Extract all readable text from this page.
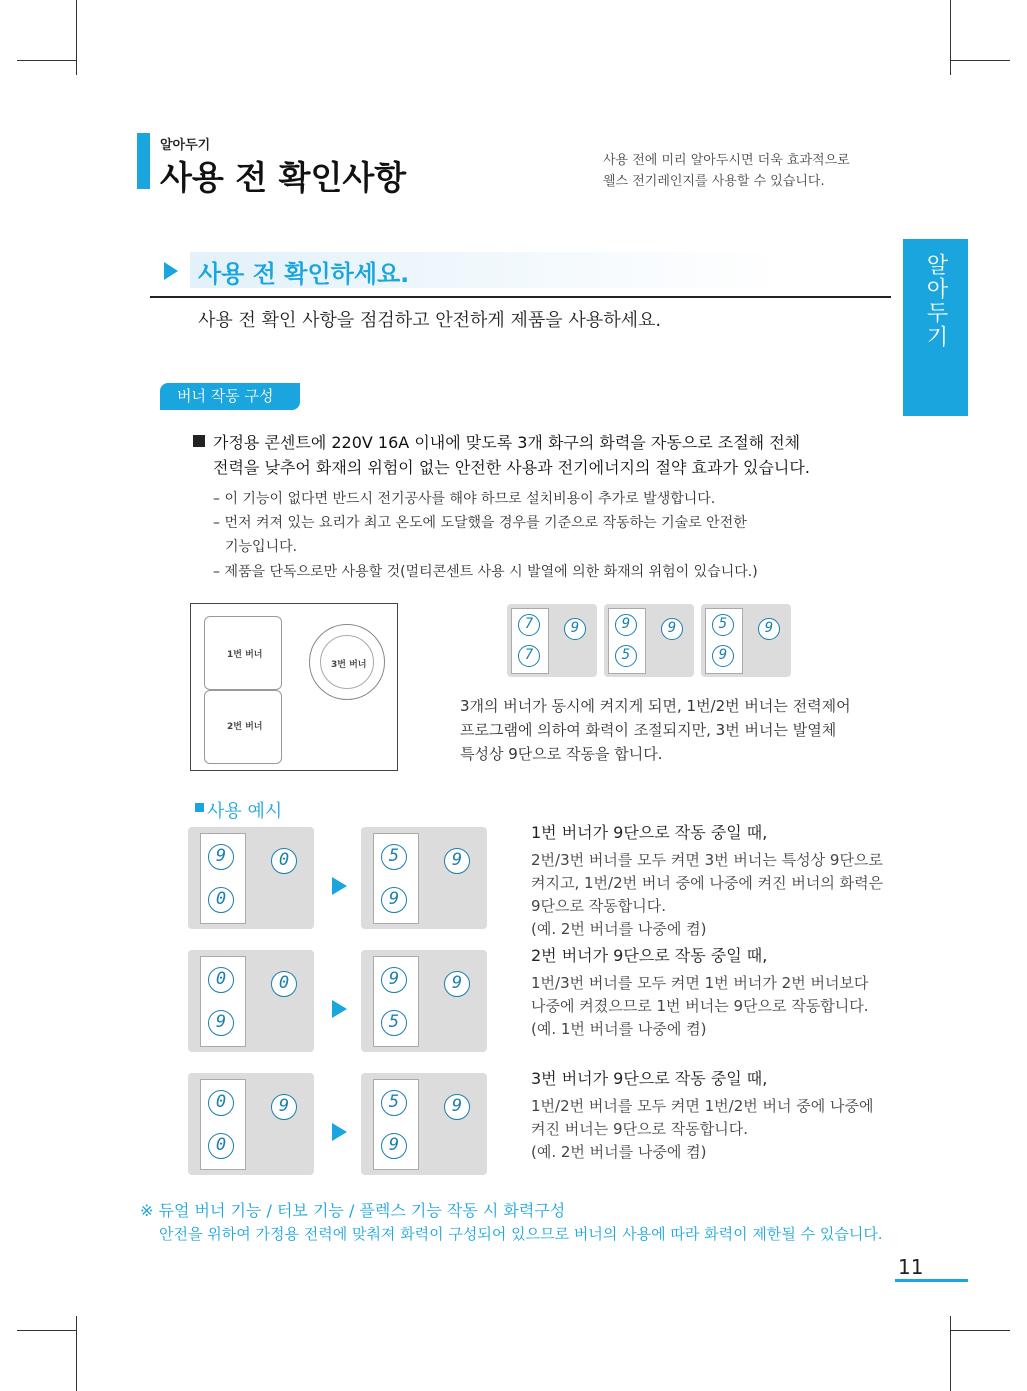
알아두기
사용 전 확인사항	사용 전에 미리 알아두시면 더욱 효과적으로
웰스 전기레인지를 사용할 수 있습니다.
알아두기
사용 전 확인하세요.
사용 전 확인 사항을 점검하고 안전하게 제품을 사용하세요.
버너 작동 구성
가정용 콘센트에 220V 16A 이내에 맞도록 3개 화구의 화력을 자동으로 조절해 전체
전력을 낮추어 화재의 위험이 없는 안전한 사용과 전기에너지의 절약 효과가 있습니다.
– 이 기능이 없다면 반드시 전기공사를 해야 하므로 설치비용이 추가로 발생합니다.
– 먼저 켜져 있는 요리가 최고 온도에 도달했을 경우를 기준으로 작동하는 기술로 안전한
기능입니다.
– 제품을 단독으로만 사용할 것(멀티콘센트 사용 시 발열에 의한 화재의 위험이 있습니다.)
1번 버너
2번 버너
3번 버너
3개의 버너가 동시에 켜지게 되면, 1번/2번 버너는 전력제어
프로그램에 의하여 화력이 조절되지만, 3번 버너는 발열체
특성상 9단으로 작동을 합니다.
사용 예시
※ 듀얼 버너 기능 / 터보 기능 / 플렉스 기능 작동 시 화력구성
안전을 위하여 가정용 전력에 맞춰져 화력이 구성되어 있으므로 버너의 사용에 따라 화력이 제한될 수 있습니다.
11
7
7
9	9
5
9	5
9
9
9
0
0	5
9
9
1번 버너가 9단으로 작동 중일 때,
2번/3번 버너를 모두 켜면 3번 버너는 특성상 9단으로
켜지고, 1번/2번 버너 중에 나중에 켜진 버너의 화력은
9단으로 작동합니다.
(예. 2번 버너를 나중에 켬)
0
9
0	9
5
9
2번 버너가 9단으로 작동 중일 때,
1번/3번 버너를 모두 켜면 1번 버너가 2번 버너보다
나중에 켜졌으므로 1번 버너는 9단으로 작동합니다.
(예. 1번 버너를 나중에 켬)
0
0
9	5
9
9
3번 버너가 9단으로 작동 중일 때,
1번/2번 버너를 모두 켜면 1번/2번 버너 중에 나중에
켜진 버너는 9단으로 작동합니다.
(예. 2번 버너를 나중에 켬)
